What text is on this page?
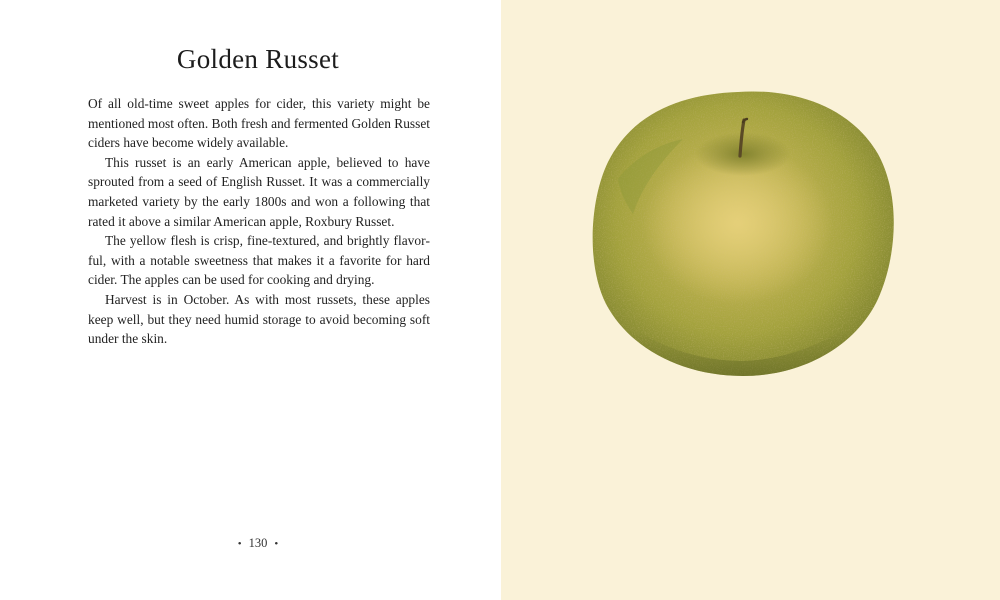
Golden Russet

Of all old-time sweet apples for cider, this variety might be mentioned most often. Both fresh and fermented Golden Russet ciders have become widely available.

This russet is an early American apple, believed to have sprouted from a seed of English Russet. It was a commercially marketed variety by the early 1800s and won a following that rated it above a similar American apple, Roxbury Russet.

The yellow flesh is crisp, fine-textured, and brightly flavorful, with a notable sweetness that makes it a favorite for hard cider. The apples can be used for cooking and drying.

Harvest is in October. As with most russets, these apples keep well, but they need humid storage to avoid becoming soft under the skin.

• 130 •
